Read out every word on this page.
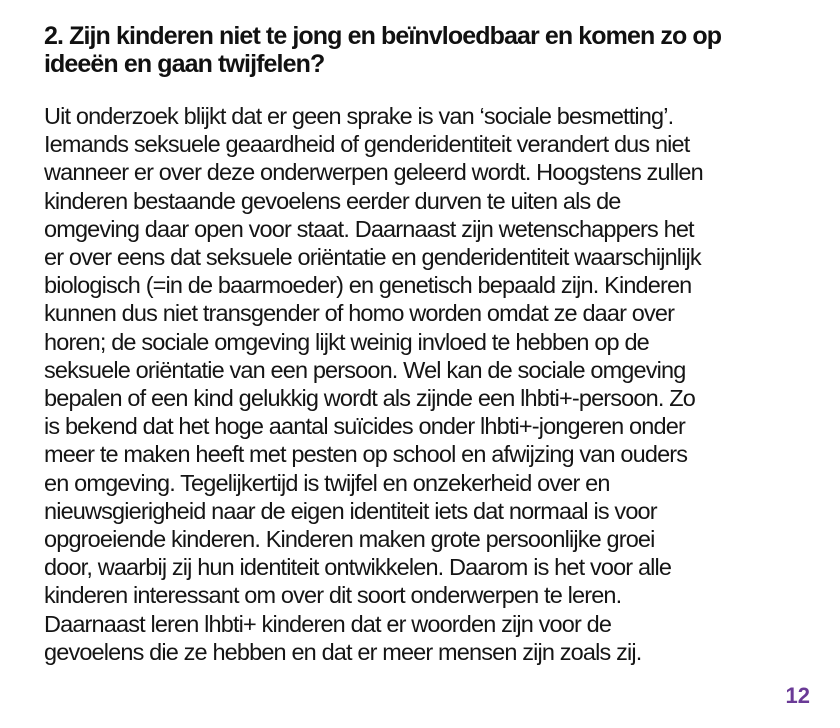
2. Zijn kinderen niet te jong en beïnvloedbaar en komen zo op
ideeën en gaan twijfelen?

Uit onderzoek blijkt dat er geen sprake is van ‘sociale besmetting’.
Iemands seksuele geaardheid of genderidentiteit verandert dus niet
wanneer er over deze onderwerpen geleerd wordt. Hoogstens zullen
kinderen bestaande gevoelens eerder durven te uiten als de
omgeving daar open voor staat. Daarnaast zijn wetenschappers het
er over eens dat seksuele oriëntatie en genderidentiteit waarschijnlijk
biologisch (=in de baarmoeder) en genetisch bepaald zijn. Kinderen
kunnen dus niet transgender of homo worden omdat ze daar over
horen; de sociale omgeving lijkt weinig invloed te hebben op de
seksuele oriëntatie van een persoon. Wel kan de sociale omgeving
bepalen of een kind gelukkig wordt als zijnde een lhbti+-persoon. Zo
is bekend dat het hoge aantal suïcides onder lhbti+-jongeren onder
meer te maken heeft met pesten op school en afwijzing van ouders
en omgeving. Tegelijkertijd is twijfel en onzekerheid over en
nieuwsgierigheid naar de eigen identiteit iets dat normaal is voor
opgroeiende kinderen. Kinderen maken grote persoonlijke groei
door, waarbij zij hun identiteit ontwikkelen. Daarom is het voor alle
kinderen interessant om over dit soort onderwerpen te leren.
Daarnaast leren lhbti+ kinderen dat er woorden zijn voor de
gevoelens die ze hebben en dat er meer mensen zijn zoals zij.

12
